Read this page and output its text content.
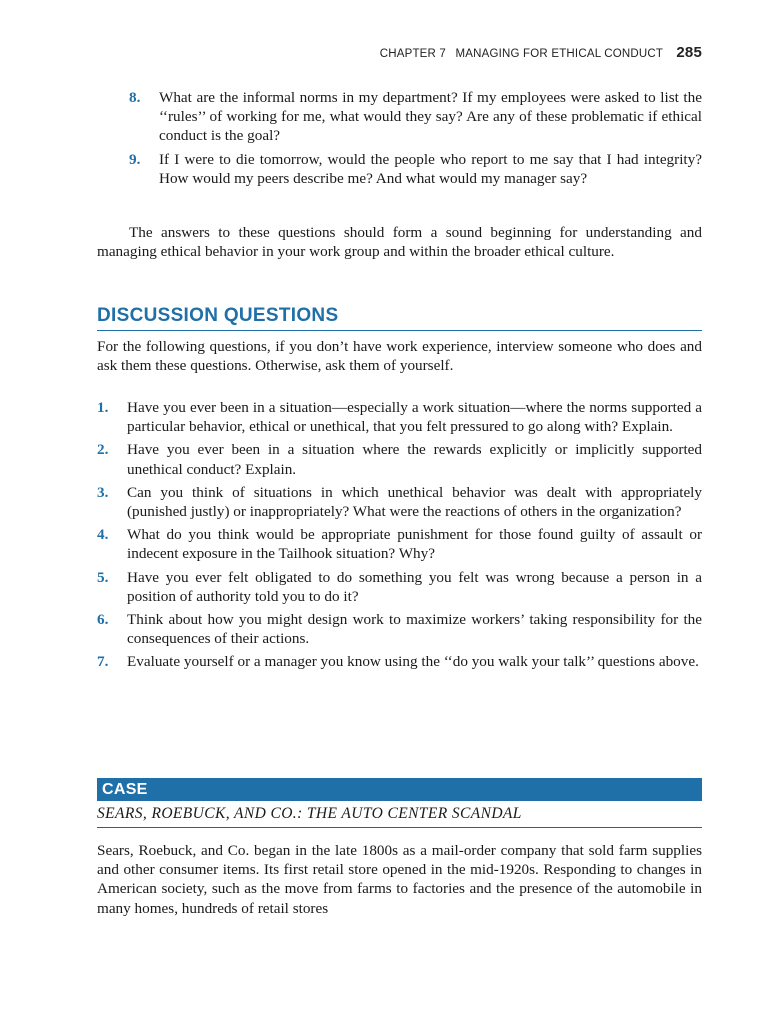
CHAPTER 7 MANAGING FOR ETHICAL CONDUCT 285
8. What are the informal norms in my department? If my employees were asked to list the ‘‘rules’’ of working for me, what would they say? Are any of these problematic if ethical conduct is the goal?
9. If I were to die tomorrow, would the people who report to me say that I had integrity? How would my peers describe me? And what would my manager say?

The answers to these questions should form a sound beginning for understanding and managing ethical behavior in your work group and within the broader ethical culture.

DISCUSSION QUESTIONS

For the following questions, if you don’t have work experience, interview someone who does and ask them these questions. Otherwise, ask them of yourself.

1. Have you ever been in a situation—especially a work situation—where the norms supported a particular behavior, ethical or unethical, that you felt pressured to go along with? Explain.
2. Have you ever been in a situation where the rewards explicitly or implicitly supported unethical conduct? Explain.
3. Can you think of situations in which unethical behavior was dealt with appropriately (punished justly) or inappropriately? What were the reactions of others in the organization?
4. What do you think would be appropriate punishment for those found guilty of assault or indecent exposure in the Tailhook situation? Why?
5. Have you ever felt obligated to do something you felt was wrong because a person in a position of authority told you to do it?
6. Think about how you might design work to maximize workers’ taking responsibility for the consequences of their actions.
7. Evaluate yourself or a manager you know using the ‘‘do you walk your talk’’ questions above.
CASE
SEARS, ROEBUCK, AND CO.: THE AUTO CENTER SCANDAL

Sears, Roebuck, and Co. began in the late 1800s as a mail-order company that sold farm supplies and other consumer items. Its first retail store opened in the mid-1920s. Responding to changes in American society, such as the move from farms to factories and the presence of the automobile in many homes, hundreds of retail stores
